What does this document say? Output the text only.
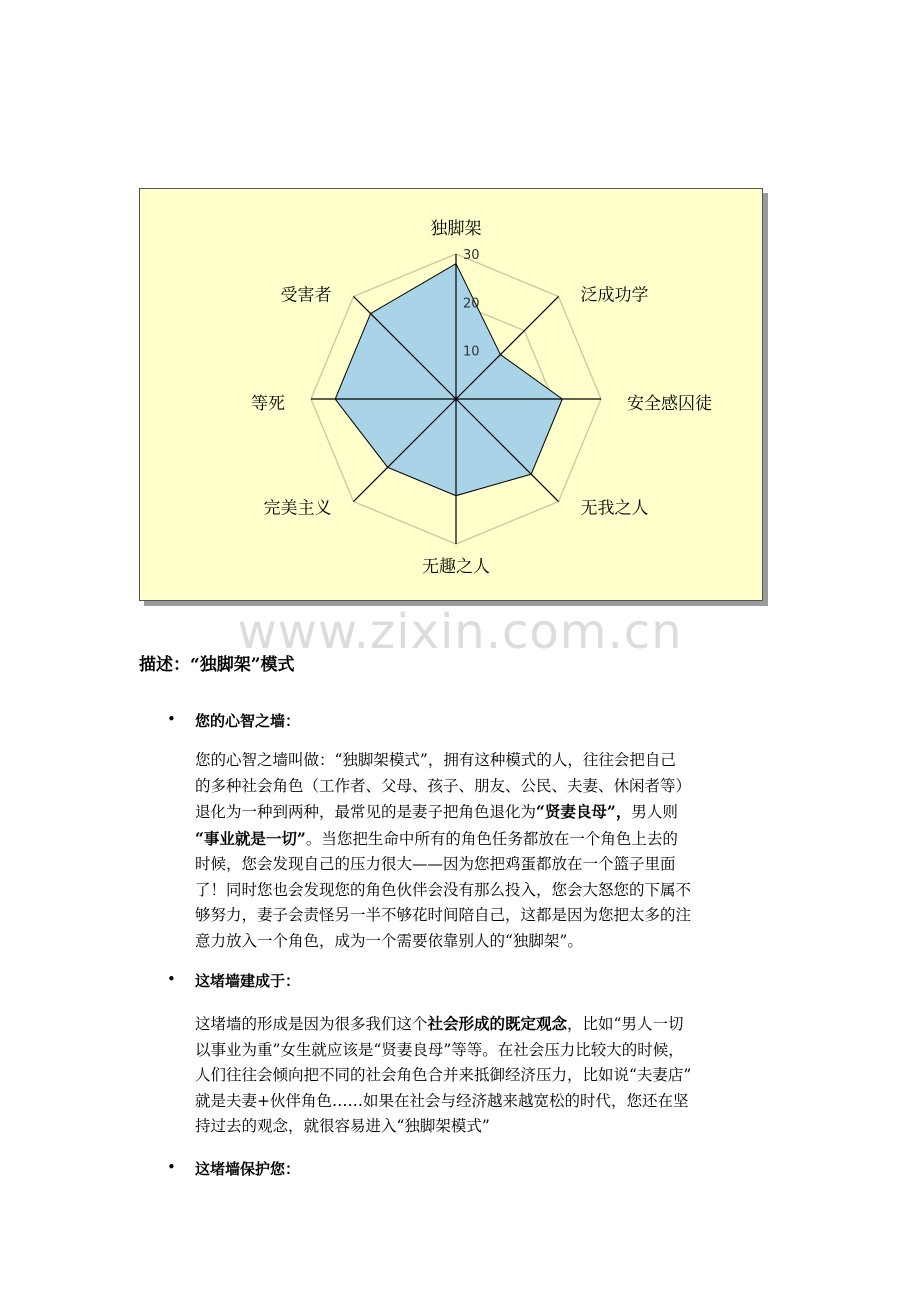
10
20
30
独脚架
泛成功学
安全感囚徒
无我之人
无趣之人
完美主义
等死
受害者
www.zixin.com.cn
描述：“独脚架”模式
• 您的心智之墙：
您的心智之墙叫做：“独脚架模式”，拥有这种模式的人，往往会把自己
的多种社会角色（工作者、父母、孩子、朋友、公民、夫妻、休闲者等）
退化为一种到两种，最常见的是妻子把角色退化为“贤妻良母”，男人则
“事业就是一切”。当您把生命中所有的角色任务都放在一个角色上去的
时候，您会发现自己的压力很大——因为您把鸡蛋都放在一个篮子里面
了！同时您也会发现您的角色伙伴会没有那么投入，您会大怒您的下属不
够努力，妻子会责怪另一半不够花时间陪自己，这都是因为您把太多的注
意力放入一个角色，成为一个需要依靠别人的“独脚架”。
• 这堵墙建成于：
这堵墙的形成是因为很多我们这个社会形成的既定观念，比如“男人一切
以事业为重”女生就应该是“贤妻良母”等等。在社会压力比较大的时候，
人们往往会倾向把不同的社会角色合并来抵御经济压力，比如说“夫妻店”
就是夫妻+伙伴角色……如果在社会与经济越来越宽松的时代，您还在坚
持过去的观念，就很容易进入“独脚架模式”
• 这堵墙保护您：
